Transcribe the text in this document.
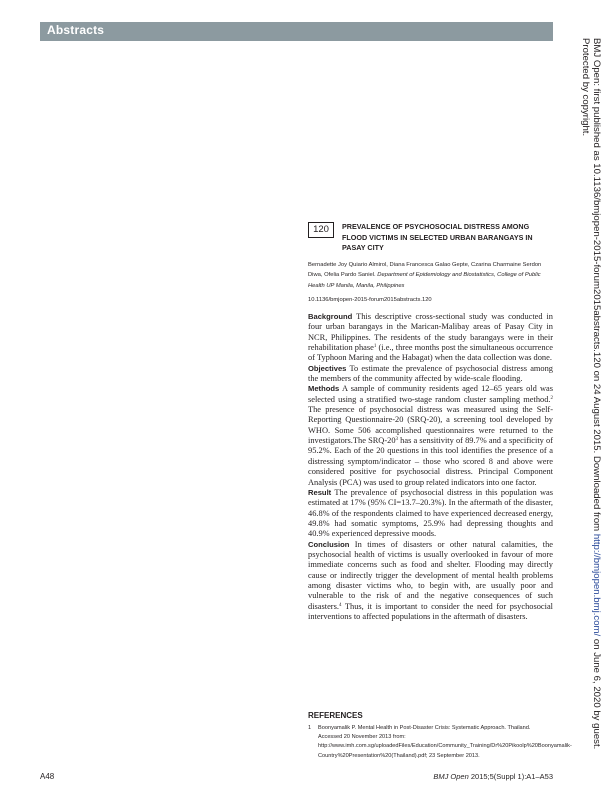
Abstracts
BMJ Open: first published as 10.1136/bmjopen-2015-forum2015abstracts.120 on 24 August 2015. Downloaded from http://bmjopen.bmj.com/ on June 6, 2020 by guest. Protected by copyright.
120	PREVALENCE OF PSYCHOSOCIAL DISTRESS AMONG FLOOD VICTIMS IN SELECTED URBAN BARANGAYS IN PASAY CITY
Bernadette Joy Quiario Almirol, Diana Francesca Galao Gepte, Czarina Charmaine Serdon Diwa, Ofelia Pardo Saniel. Department of Epidemiology and Biostatistics, College of Public Health UP Manila, Manila, Philippines
10.1136/bmjopen-2015-forum2015abstracts.120

Background This descriptive cross-sectional study was conducted in four urban barangays in the Marican-Malibay areas of Pasay City in NCR, Philippines. The residents of the study barangays were in their rehabilitation phase$^1$ (i.e., three months post the simultaneous occurrence of Typhoon Maring and the Habagat) when the data collection was done.

Objectives To estimate the prevalence of psychosocial distress among the members of the community affected by wide-scale flooding.

Methods A sample of community residents aged 12–65 years old was selected using a stratified two-stage random cluster sampling method.$^2$ The presence of psychosocial distress was measured using the Self-Reporting Questionnaire-20 (SRQ-20), a screening tool developed by WHO. Some 506 accomplished questionnaires were returned to the investigators.The SRQ-$20^3$ has a sensitivity of 89.7% and a specificity of 95.2%. Each of the 20 questions in this tool identifies the presence of a distressing symptom/indicator – those who scored 8 and above were considered positive for psychosocial distress. Principal Component Analysis (PCA) was used to group related indicators into one factor.

Result The prevalence of psychosocial distress in this population was estimated at 17% (95% CI=13.7–20.3%). In the aftermath of the disaster, 46.8% of the respondents claimed to have experienced decreased energy, 49.8% had somatic symptoms, 25.9% had depressing thoughts and 40.9% experienced depressive moods.

Conclusion In times of disasters or other natural calamities, the psychosocial health of victims is usually overlooked in favour of more immediate concerns such as food and shelter. Flooding may directly cause or indirectly trigger the development of mental health problems among disaster victims who, to begin with, are usually poor and vulnerable to the risk of and the negative consequences of such disasters.$^4$ Thus, it is important to consider the need for psychosocial interventions to affected populations in the aftermath of disasters.

REFERENCES
1 Boonyamalik P. Mental Health in Post-Disaster Crisis: Systematic Approach. Thailand. Accessed 20 November 2013 from: http://www.imh.com.sg/uploadedFiles/Education/Community_Training/Dr%20Pikoolp%20Boonyamalik-Country%20Presentation%20(Thailand).pdf; 23 September 2013.
A48	BMJ Open 2015;5(Suppl 1):A1–A53
